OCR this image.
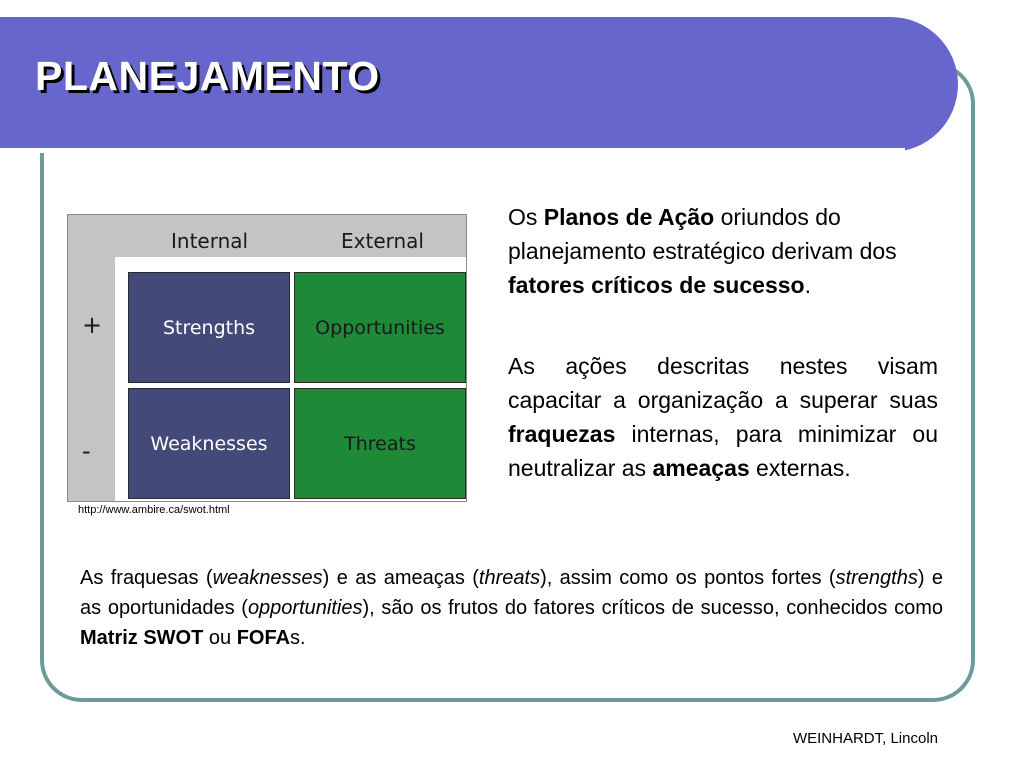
PLANEJAMENTO
Internal	External
+
-
Strengths	Opportunities
Weaknesses	Threats
http://www.ambire.ca/swot.html

Os Planos de Ação oriundos do planejamento estratégico derivam dos fatores críticos de sucesso.

As ações descritas nestes visam capacitar a organização a superar suas fraquezas internas, para minimizar ou neutralizar as ameaças externas.

As fraquesas (weaknesses) e as ameaças (threats), assim como os pontos fortes (strengths) e as oportunidades (opportunities), são os frutos do fatores críticos de sucesso, conhecidos como Matriz SWOT ou FOFAs.

WEINHARDT, Lincoln
